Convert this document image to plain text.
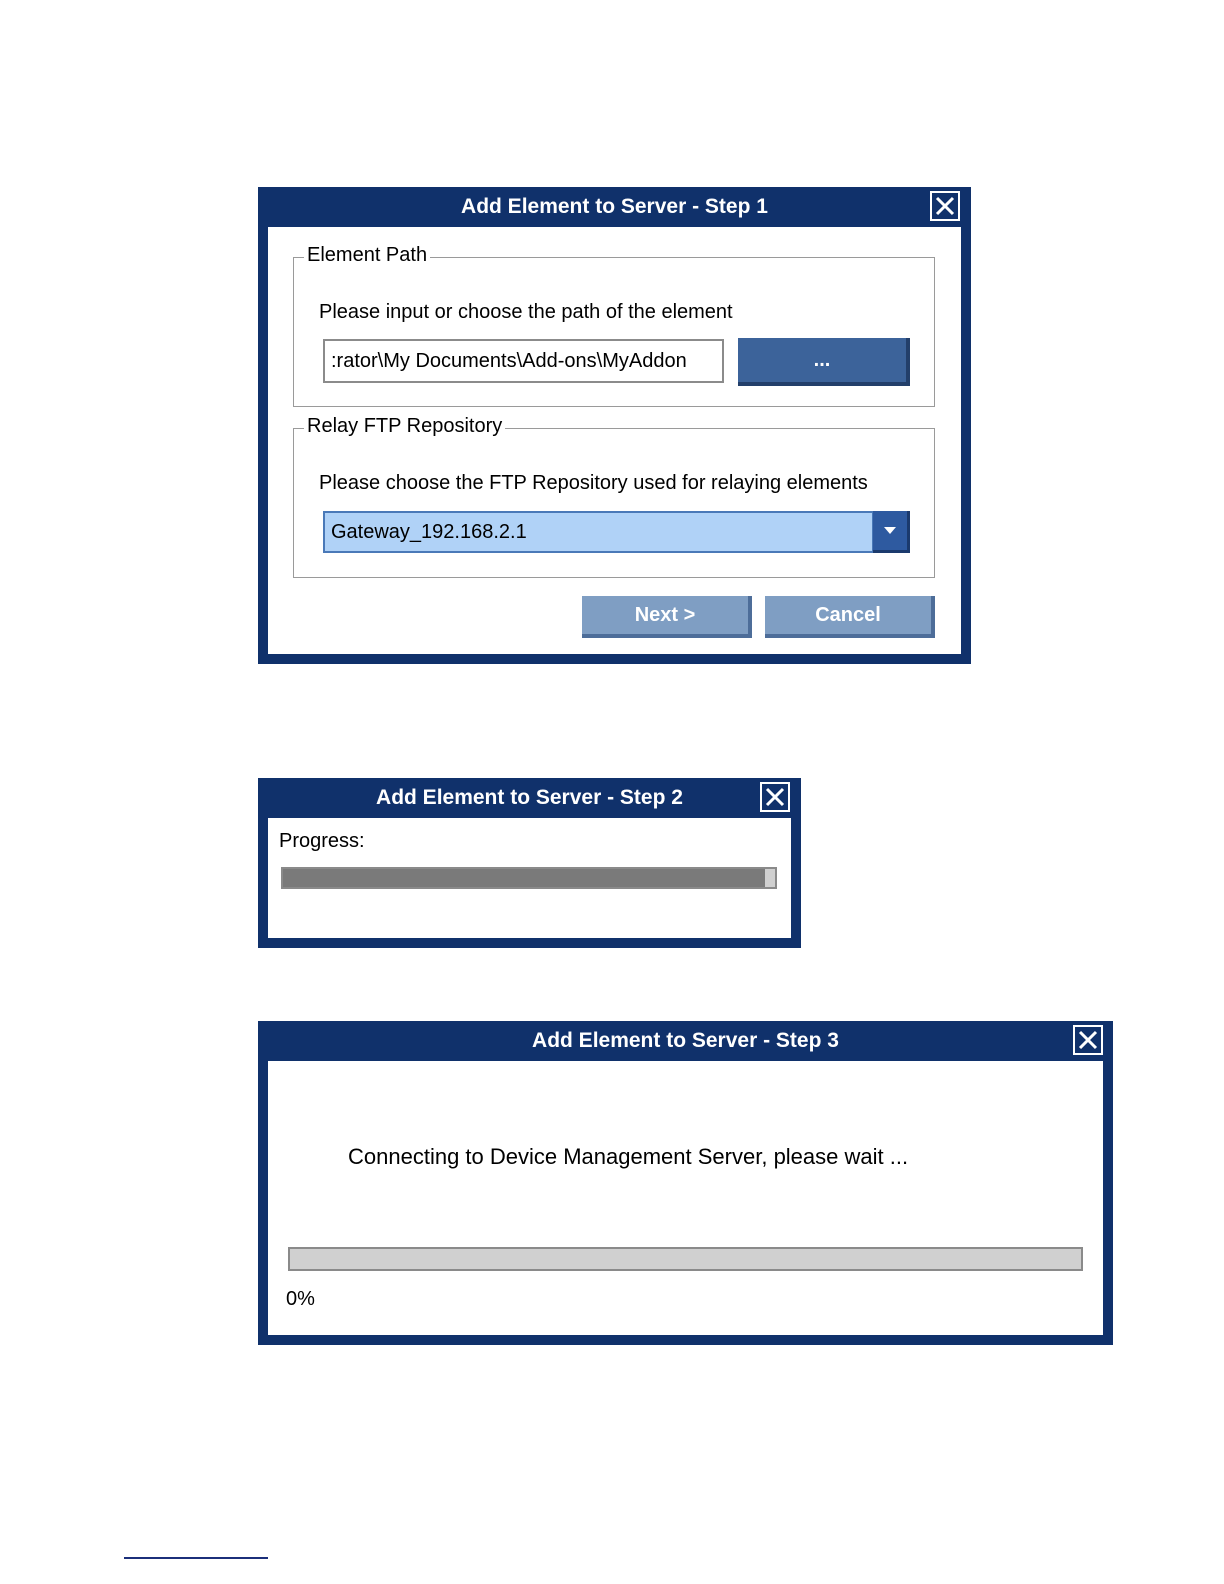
Add Element to Server - Step 1
Element Path
Please input or choose the path of the element
:rator\My Documents\Add-ons\MyAddon	...
Relay FTP Repository
Please choose the FTP Repository used for relaying elements
Gateway_192.168.2.1
Next >	Cancel
Add Element to Server - Step 2
Progress:
Add Element to Server - Step 3
Connecting to Device Management Server, please wait ...
0%
